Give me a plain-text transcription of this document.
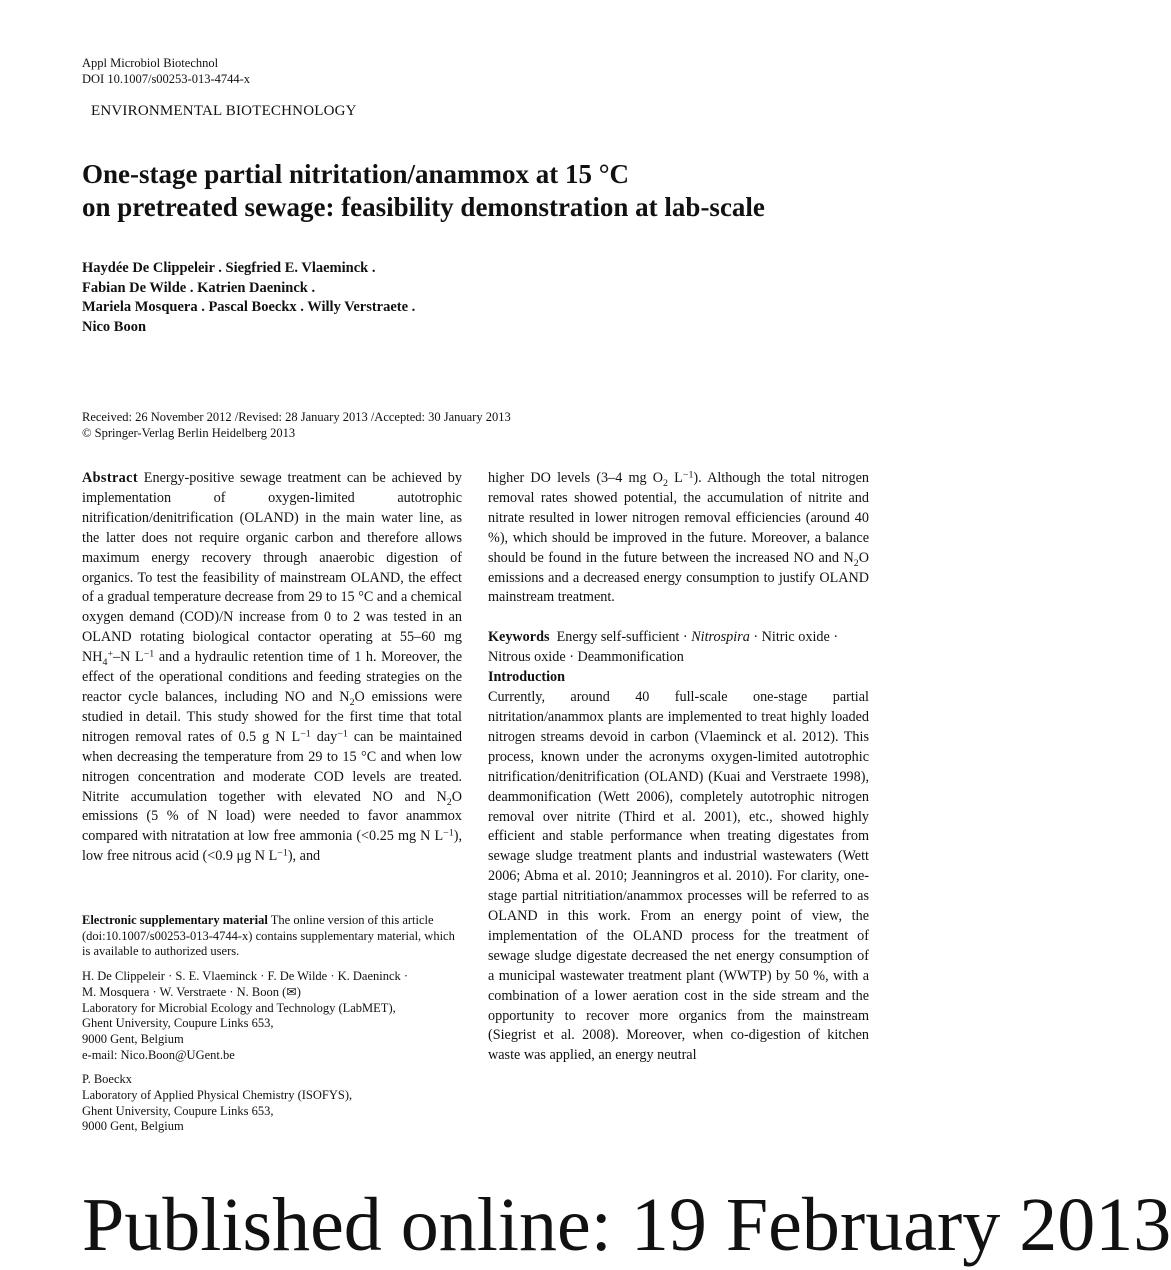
Appl Microbiol Biotechnol
DOI 10.1007/s00253-013-4744-x
ENVIRONMENTAL BIOTECHNOLOGY
One-stage partial nitritation/anammox at 15 °C
on pretreated sewage: feasibility demonstration at lab-scale
Haydée De Clippeleir . Siegfried E. Vlaeminck .
Fabian De Wilde . Katrien Daeninck .
Mariela Mosquera . Pascal Boeckx . Willy Verstraete .
Nico Boon
Received: 26 November 2012 /Revised: 28 January 2013 /Accepted: 30 January 2013
© Springer-Verlag Berlin Heidelberg 2013

Abstract Energy-positive sewage treatment can be achieved by implementation of oxygen-limited autotrophic nitrification/denitrification (OLAND) in the main water line, as the latter does not require organic carbon and therefore allows maximum energy recovery through anaerobic digestion of organics. To test the feasibility of mainstream OLAND, the effect of a gradual temperature decrease from 29 to 15 °C and a chemical oxygen demand (COD)/N increase from 0 to 2 was tested in an OLAND rotating biological contactor operating at 55–60 mg $NH_4^+-N$ $L^{-1}$ and a hydraulic retention time of 1 h. Moreover, the effect of the operational conditions and feeding strategies on the reactor cycle balances, including NO and $N_2O$ emissions were studied in detail. This study showed for the first time that total nitrogen removal rates of 0.5 g N $L^{-1}$ day$^{-1}$ can be maintained when decreasing the temperature from 29 to 15 °C and when low nitrogen concentration and moderate COD levels are treated. Nitrite accumulation together with elevated NO and $N_2O$ emissions (5 % of N load) were needed to favor anammox compared with nitratation at low free ammonia (<0.25 mg N $L^{-1}$), low free nitrous acid (<0.9 μg N $L^{-1}$), and

Electronic supplementary material The online version of this article (doi:10.1007/s00253-013-4744-x) contains supplementary material, which is available to authorized users.

H. De Clippeleir · S. E. Vlaeminck · F. De Wilde · K. Daeninck ·

M. Mosquera · W. Verstraete · N. Boon (✉)

Laboratory for Microbial Ecology and Technology (LabMET),

Ghent University, Coupure Links 653,

9000 Gent, Belgium

e-mail: Nico.Boon@UGent.be

P. Boeckx

Laboratory of Applied Physical Chemistry (ISOFYS),

Ghent University, Coupure Links 653,

9000 Gent, Belgium

higher DO levels (3–4 mg $O_2$ $L^{-1}$). Although the total nitrogen removal rates showed potential, the accumulation of nitrite and nitrate resulted in lower nitrogen removal efficiencies (around 40 %), which should be improved in the future. Moreover, a balance should be found in the future between the increased NO and $N_2O$ emissions and a decreased energy consumption to justify OLAND mainstream treatment.

Keywords Energy self-sufficient · Nitrospira · Nitric oxide · Nitrous oxide · Deammonification

Introduction

Currently, around 40 full-scale one-stage partial nitritation/anammox plants are implemented to treat highly loaded nitrogen streams devoid in carbon (Vlaeminck et al. 2012). This process, known under the acronyms oxygen-limited autotrophic nitrification/denitrification (OLAND) (Kuai and Verstraete 1998), deammonification (Wett 2006), completely autotrophic nitrogen removal over nitrite (Third et al. 2001), etc., showed highly efficient and stable performance when treating digestates from sewage sludge treatment plants and industrial wastewaters (Wett 2006; Abma et al. 2010; Jeanningros et al. 2010). For clarity, one-stage partial nitritiation/anammox processes will be referred to as OLAND in this work. From an energy point of view, the implementation of the OLAND process for the treatment of sewage sludge digestate decreased the net energy consumption of a municipal wastewater treatment plant (WWTP) by 50 %, with a combination of a lower aeration cost in the side stream and the opportunity to recover more organics from the mainstream (Siegrist et al. 2008). Moreover, when co-digestion of kitchen waste was applied, an energy neutral

Published online: 19 February 2013
